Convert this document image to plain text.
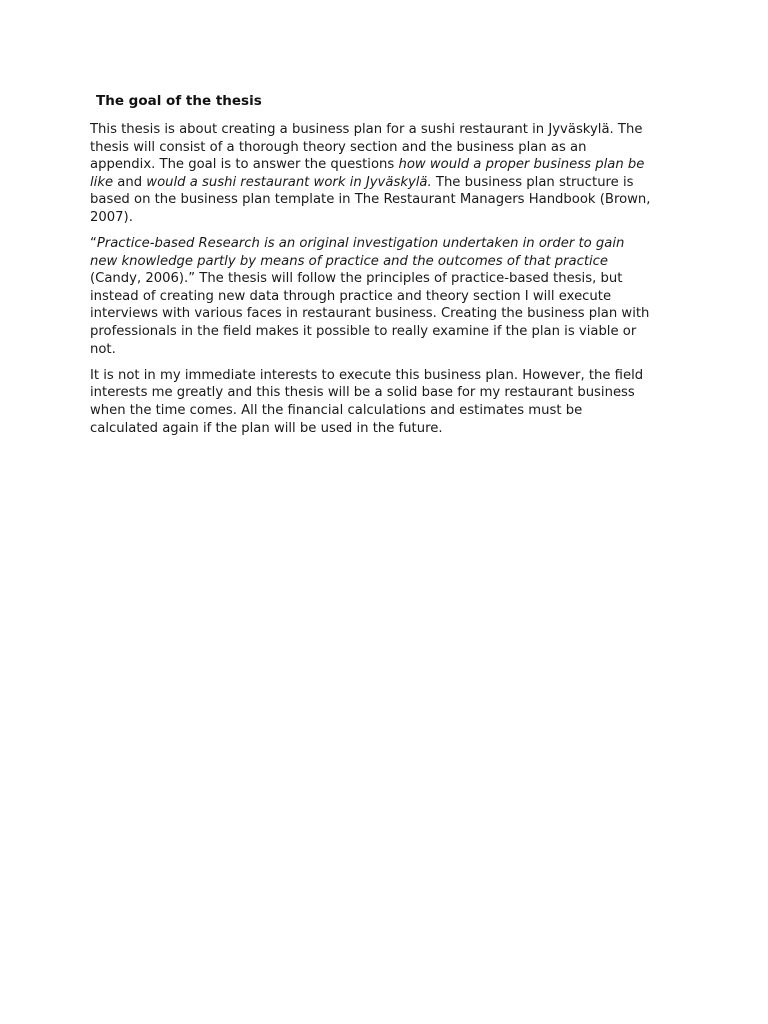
The goal of the thesis
This thesis is about creating a business plan for a sushi restaurant in Jyväskylä. The
thesis will consist of a thorough theory section and the business plan as an
appendix. The goal is to answer the questions how would a proper business plan be
like and would a sushi restaurant work in Jyväskylä. The business plan structure is
based on the business plan template in The Restaurant Managers Handbook (Brown,
2007).
“Practice-based Research is an original investigation undertaken in order to gain
new knowledge partly by means of practice and the outcomes of that practice
(Candy, 2006).” The thesis will follow the principles of practice-based thesis, but
instead of creating new data through practice and theory section I will execute
interviews with various faces in restaurant business. Creating the business plan with
professionals in the field makes it possible to really examine if the plan is viable or
not.
It is not in my immediate interests to execute this business plan. However, the field
interests me greatly and this thesis will be a solid base for my restaurant business
when the time comes. All the financial calculations and estimates must be
calculated again if the plan will be used in the future.
